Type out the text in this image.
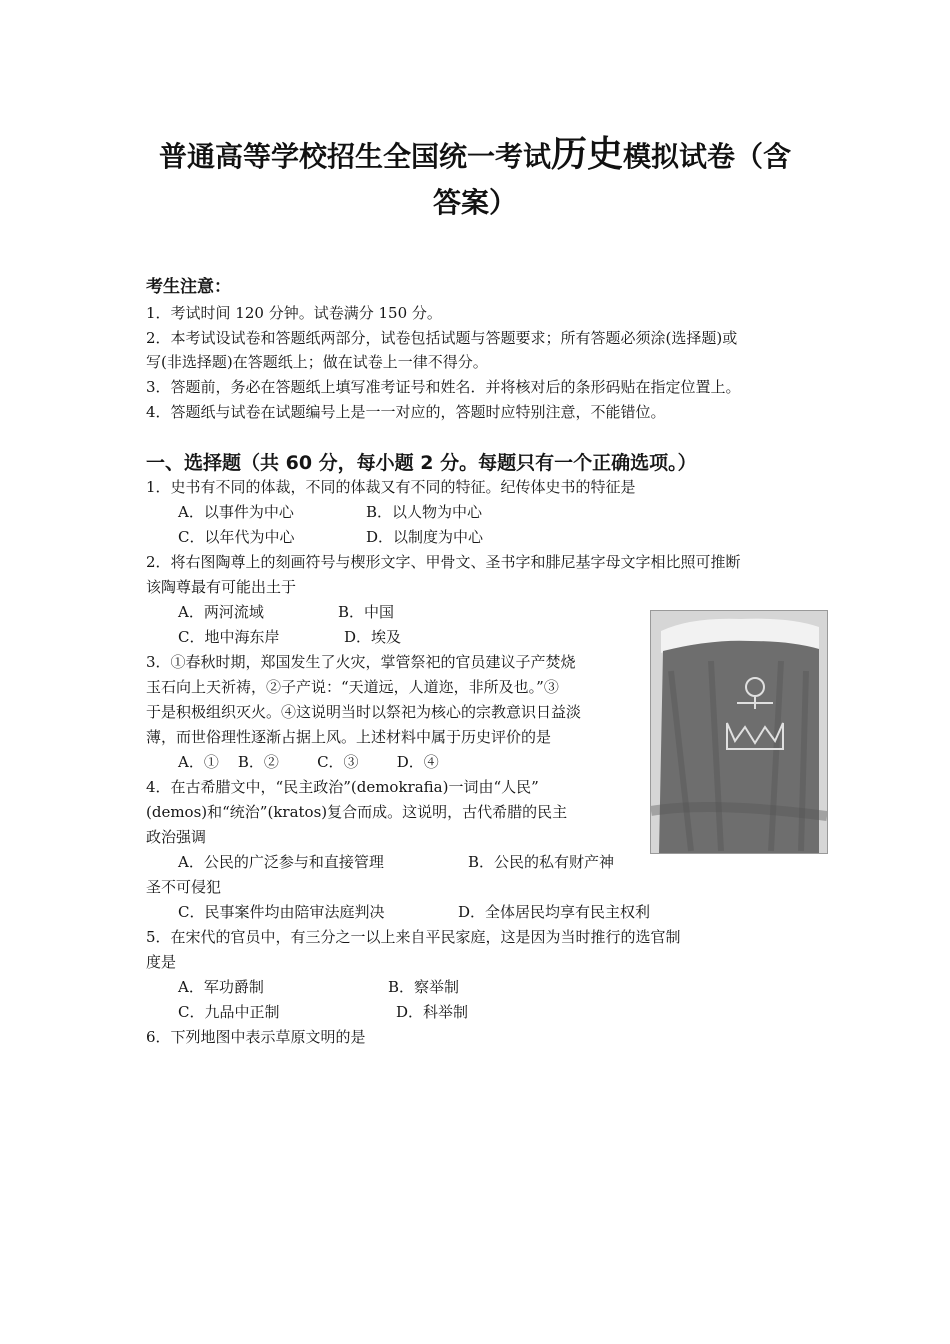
普通高等学校招生全国统一考试历史模拟试卷（含
答案）
考生注意：
1．考试时间 120 分钟。试卷满分 150 分。
2．本考试设试卷和答题纸两部分，试卷包括试题与答题要求；所有答题必须涂(选择题)或
写(非选择题)在答题纸上；做在试卷上一律不得分。
3．答题前，务必在答题纸上填写准考证号和姓名．并将核对后的条形码贴在指定位置上。
4．答题纸与试卷在试题编号上是一一对应的，答题时应特别注意，不能错位。
一、选择题（共 60 分，每小题 2 分。每题只有一个正确选项。）
1．史书有不同的体裁，不同的体裁又有不同的特征。纪传体史书的特征是
A．以事件为中心	B．以人物为中心
C．以年代为中心	D．以制度为中心
2．将右图陶尊上的刻画符号与楔形文字、甲骨文、圣书字和腓尼基字母文字相比照可推断
该陶尊最有可能出土于
A．两河流域	B．中国
C．地中海东岸	D．埃及
3．①春秋时期，郑国发生了火灾，掌管祭祀的官员建议子产焚烧
玉石向上天祈祷，②子产说：“天道远，人道迩，非所及也。”③
于是积极组织灭火。④这说明当时以祭祀为核心的宗教意识日益淡
薄，而世俗理性逐渐占据上风。上述材料中属于历史评价的是
A．①    B．②        C．③        D．④
4．在古希腊文中，“民主政治”(demokrafia)一词由“人民”
(demos)和“统治”(kratos)复合而成。这说明，古代希腊的民主
政治强调
A．公民的广泛参与和直接管理	B．公民的私有财产神
圣不可侵犯
C．民事案件均由陪审法庭判决	D．全体居民均享有民主权利
5．在宋代的官员中，有三分之一以上来自平民家庭，这是因为当时推行的选官制
度是
A．军功爵制	B．察举制
C．九品中正制	D．科举制
6．下列地图中表示草原文明的是
